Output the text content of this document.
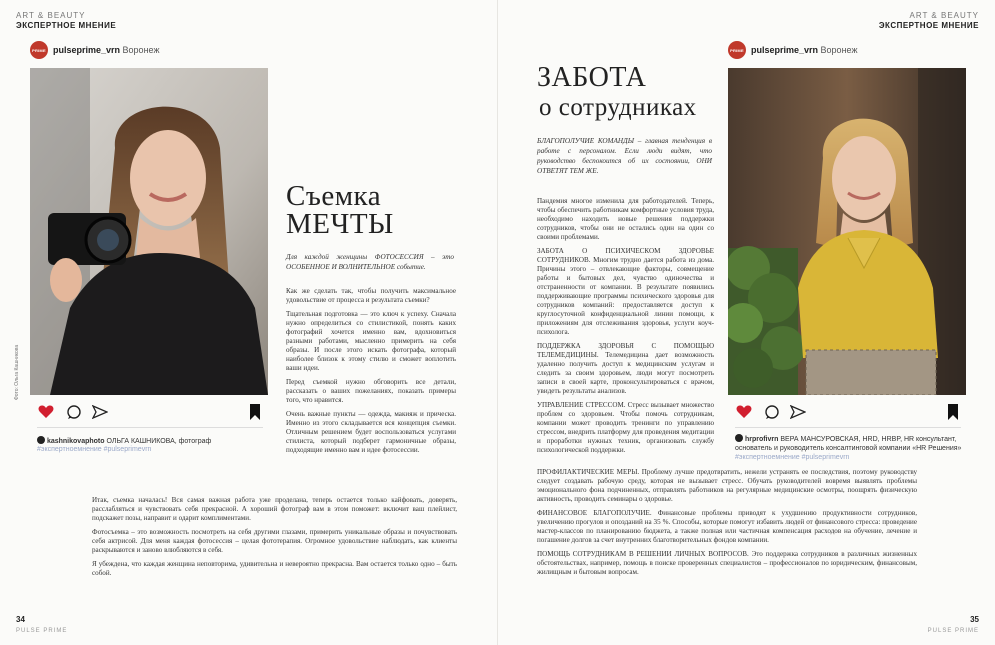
ART & BEAUTY
ЭКСПЕРТНОЕ МНЕНИЕ
PRIME pulseprime_vrn Воронеж
Фото: Ольга Кашникова
kashnikovaphoto ОЛЬГА КАШНИКОВА, фотограф
#экспертноемнение #pulseprimevrn
Съемка
МЕЧТЫ
Для каждой женщины ФОТОСЕССИЯ – это ОСОБЕННОЕ И ВОЛНИТЕЛЬНОЕ событие.

Как же сделать так, чтобы получить максимальное удовольствие от процесса и результата съемки?

Тщательная подготовка — это ключ к успеху. Сначала нужно определиться со стилистикой, понять каких фотографий хочется именно вам, вдохновиться разными работами, мысленно примерить на себя образы. И после этого искать фотографа, который наиболее близок к этому стилю и сможет воплотить ваши идеи.

Перед съемкой нужно обговорить все детали, рассказать о ваших пожеланиях, показать примеры того, что нравится.

Очень важные пункты — одежда, макияж и прическа. Именно из этого складывается вся концепция съемки. Отличным решением будет воспользоваться услугами стилиста, который подберет гармоничные образы, подходящие именно вам и идее фотосессии.

Итак, съемка началась! Вся самая важная работа уже проделана, теперь остается только кайфовать, доверять, расслабляться и чувствовать себя прекрасной. А хороший фотограф вам в этом поможет: включит ваш плейлист, подскажет позы, направит и одарит комплиментами.

Фотосъемка – это возможность посмотреть на себя другими глазами, примерить уникальные образы и почувствовать себя актрисой. Для меня каждая фотосессия – целая фототерапия. Огромное удовольствие наблюдать, как клиенты раскрываются и заново влюбляются в себя.

Я убеждена, что каждая женщина неповторима, удивительна и невероятно прекрасна. Вам остается только одно – быть собой.

34
PULSE PRIME
ART & BEAUTY
ЭКСПЕРТНОЕ МНЕНИЕ
PRIME pulseprime_vrn Воронеж
ЗАБОТА
о сотрудниках
БЛАГОПОЛУЧИЕ КОМАНДЫ – главная тенденция в работе с персоналом. Если люди видят, что руководство беспокоится об их состоянии, ОНИ ОТВЕТЯТ ТЕМ ЖЕ.

Пандемия многое изменила для работодателей. Теперь, чтобы обеспечить работникам комфортные условия труда, необходимо находить новые решения поддержки сотрудников, чтобы они не остались один на один со своими проблемами.

ЗАБОТА О ПСИХИЧЕСКОМ ЗДОРОВЬЕ СОТРУДНИКОВ. Многим трудно дается работа из дома. Причины этого – отвлекающие факторы, совмещение работы и бытовых дел, чувство одиночества и отстраненности от компании. В результате появились поддерживающие программы психического здоровья для сотрудников компаний: предоставляется доступ к круглосуточной конфиденциальной линии помощи, к приложениям для отслеживания здоровья, услуги коуч-психолога.

ПОДДЕРЖКА ЗДОРОВЬЯ С ПОМОЩЬЮ ТЕЛЕМЕДИЦИНЫ. Телемедицина дает возможность удаленно получить доступ к медицинским услугам и следить за своим здоровьем, люди могут посмотреть записи в своей карте, проконсультироваться с врачом, увидеть результаты анализов.

УПРАВЛЕНИЕ СТРЕССОМ. Стресс вызывает множество проблем со здоровьем. Чтобы помочь сотрудникам, компании может проводить тренинги по управлению стрессом, внедрить платформу для проведения медитации и проработки нужных техник, организовать службу психологической поддержки.

ПРОФИЛАКТИЧЕСКИЕ МЕРЫ. Проблему лучше предотвратить, нежели устранять ее последствия, поэтому руководству следует создавать рабочую среду, которая не вызывает стресс. Обучать руководителей вовремя выявлять проблемы эмоционального фона подчиненных, отправлять работников на регулярные медицинские осмотры, поощрять физическую активность, проводить семинары о здоровье.

ФИНАНСОВОЕ БЛАГОПОЛУЧИЕ. Финансовые проблемы приводят к ухудшению продуктивности сотрудников, увеличению прогулов и опозданий на 35 %. Способы, которые помогут избавить людей от финансового стресса: проведение мастер-классов по планированию бюджета, а также полная или частичная компенсация расходов на обучение, лечение и погашение долгов за счет внутренних благотворительных фондов компании.

ПОМОЩЬ СОТРУДНИКАМ В РЕШЕНИИ ЛИЧНЫХ ВОПРОСОВ. Это поддержка сотрудников в различных жизненных обстоятельствах, например, помощь в поиске проверенных специалистов – профессионалов по юридическим, финансовым, жилищным и бытовым вопросам.

hrprofivrn ВЕРА МАНСУРОВСКАЯ, HRD, HRBP, HR консультант, основатель и руководитель консалтинговой компании «HR Решения»
#экспертноемнение #pulseprimevrn
35
PULSE PRIME
